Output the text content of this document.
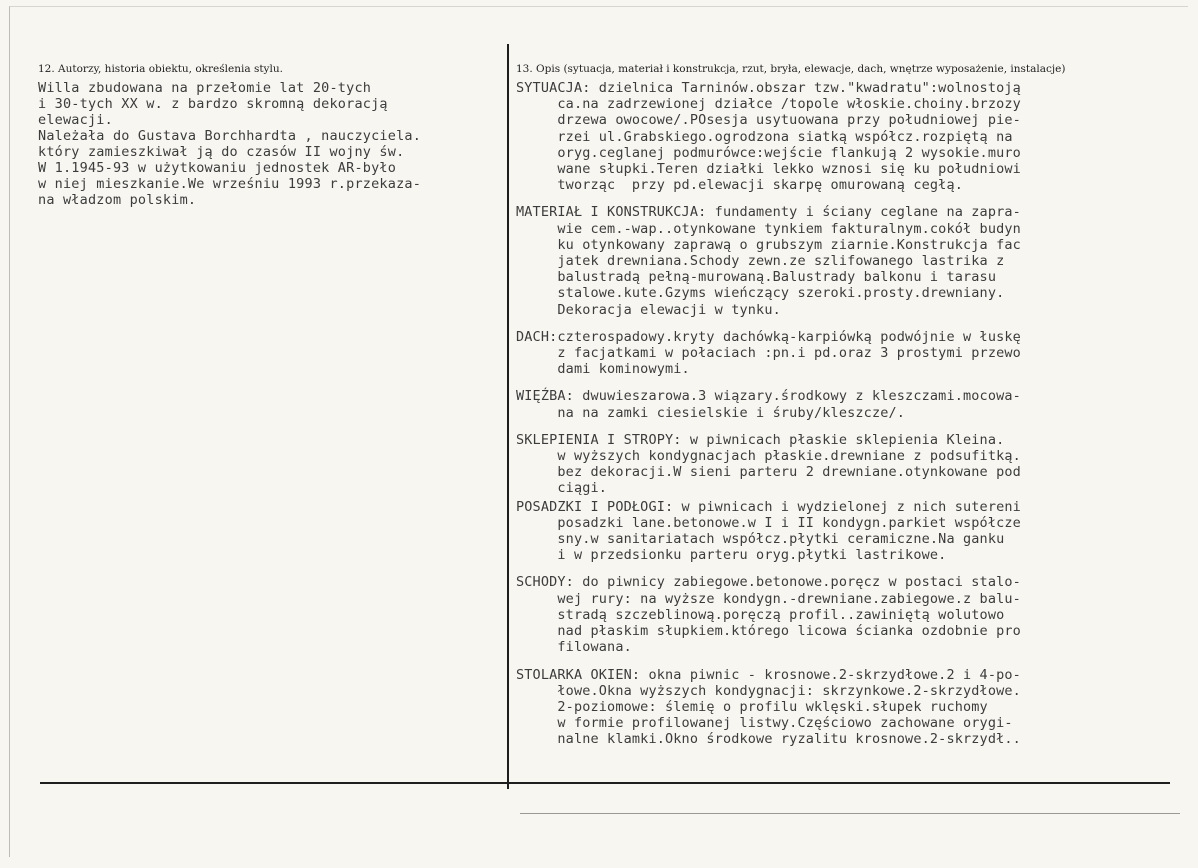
12. Autorzy, historia obiektu, określenia stylu.	13. Opis (sytuacja, materiał i konstrukcja, rzut, bryła, elewacje, dach, wnętrze wyposażenie, instalacje)
Willa zbudowana na przełomie lat 20-tych
i 30-tych XX w. z bardzo skromną dekoracją
elewacji.
Należała do Gustava Borchhardta , nauczyciela.
który zamieszkiwał ją do czasów II wojny św.
W 1.1945-93 w użytkowaniu jednostek AR-było
w niej mieszkanie.We wrześniu 1993 r.przekaza-
na władzom polskim.

SYTUACJA: dzielnica Tarninów.obszar tzw."kwadratu":wolnostoją
ca.na zadrzewionej działce /topole włoskie.choiny.brzozy
drzewa owocowe/.POsesja usytuowana przy południowej pie-
rzei ul.Grabskiego.ogrodzona siatką współcz.rozpiętą na
oryg.ceglanej podmurówce:wejście flankują 2 wysokie.muro
wane słupki.Teren działki lekko wznosi się ku południowi
tworząc  przy pd.elewacji skarpę omurowaną cegłą.

MATERIAŁ I KONSTRUKCJA: fundamenty i ściany ceglane na zapra-
wie cem.-wap..otynkowane tynkiem fakturalnym.cokół budyn
ku otynkowany zaprawą o grubszym ziarnie.Konstrukcja fac
jatek drewniana.Schody zewn.ze szlifowanego lastrika z
balustradą pełną-murowaną.Balustrady balkonu i tarasu
stalowe.kute.Gzyms wieńczący szeroki.prosty.drewniany.
Dekoracja elewacji w tynku.

DACH:czterospadowy.kryty dachówką-karpiówką podwójnie w łuskę
z facjatkami w połaciach :pn.i pd.oraz 3 prostymi przewo
dami kominowymi.

WIĘŹBA: dwuwieszarowa.3 wiązary.środkowy z kleszczami.mocowa-
na na zamki ciesielskie i śruby/kleszcze/.

SKLEPIENIA I STROPY: w piwnicach płaskie sklepienia Kleina.
w wyższych kondygnacjach płaskie.drewniane z podsufitką.
bez dekoracji.W sieni parteru 2 drewniane.otynkowane pod
ciągi.

POSADZKI I PODŁOGI: w piwnicach i wydzielonej z nich sutereni
posadzki lane.betonowe.w I i II kondygn.parkiet współcze
sny.w sanitariatach współcz.płytki ceramiczne.Na ganku
i w przedsionku parteru oryg.płytki lastrikowe.

SCHODY: do piwnicy zabiegowe.betonowe.poręcz w postaci stalo-
wej rury: na wyższe kondygn.-drewniane.zabiegowe.z balu-
stradą szczeblinową.poręczą profil..zawiniętą wolutowo
nad płaskim słupkiem.którego licowa ścianka ozdobnie pro
filowana.

STOLARKA OKIEN: okna piwnic - krosnowe.2-skrzydłowe.2 i 4-po-
łowe.Okna wyższych kondygnacji: skrzynkowe.2-skrzydłowe.
2-poziomowe: ślemię o profilu wklęski.słupek ruchomy
w formie profilowanej listwy.Częściowo zachowane orygi-
nalne klamki.Okno środkowe ryzalitu krosnowe.2-skrzydł..
